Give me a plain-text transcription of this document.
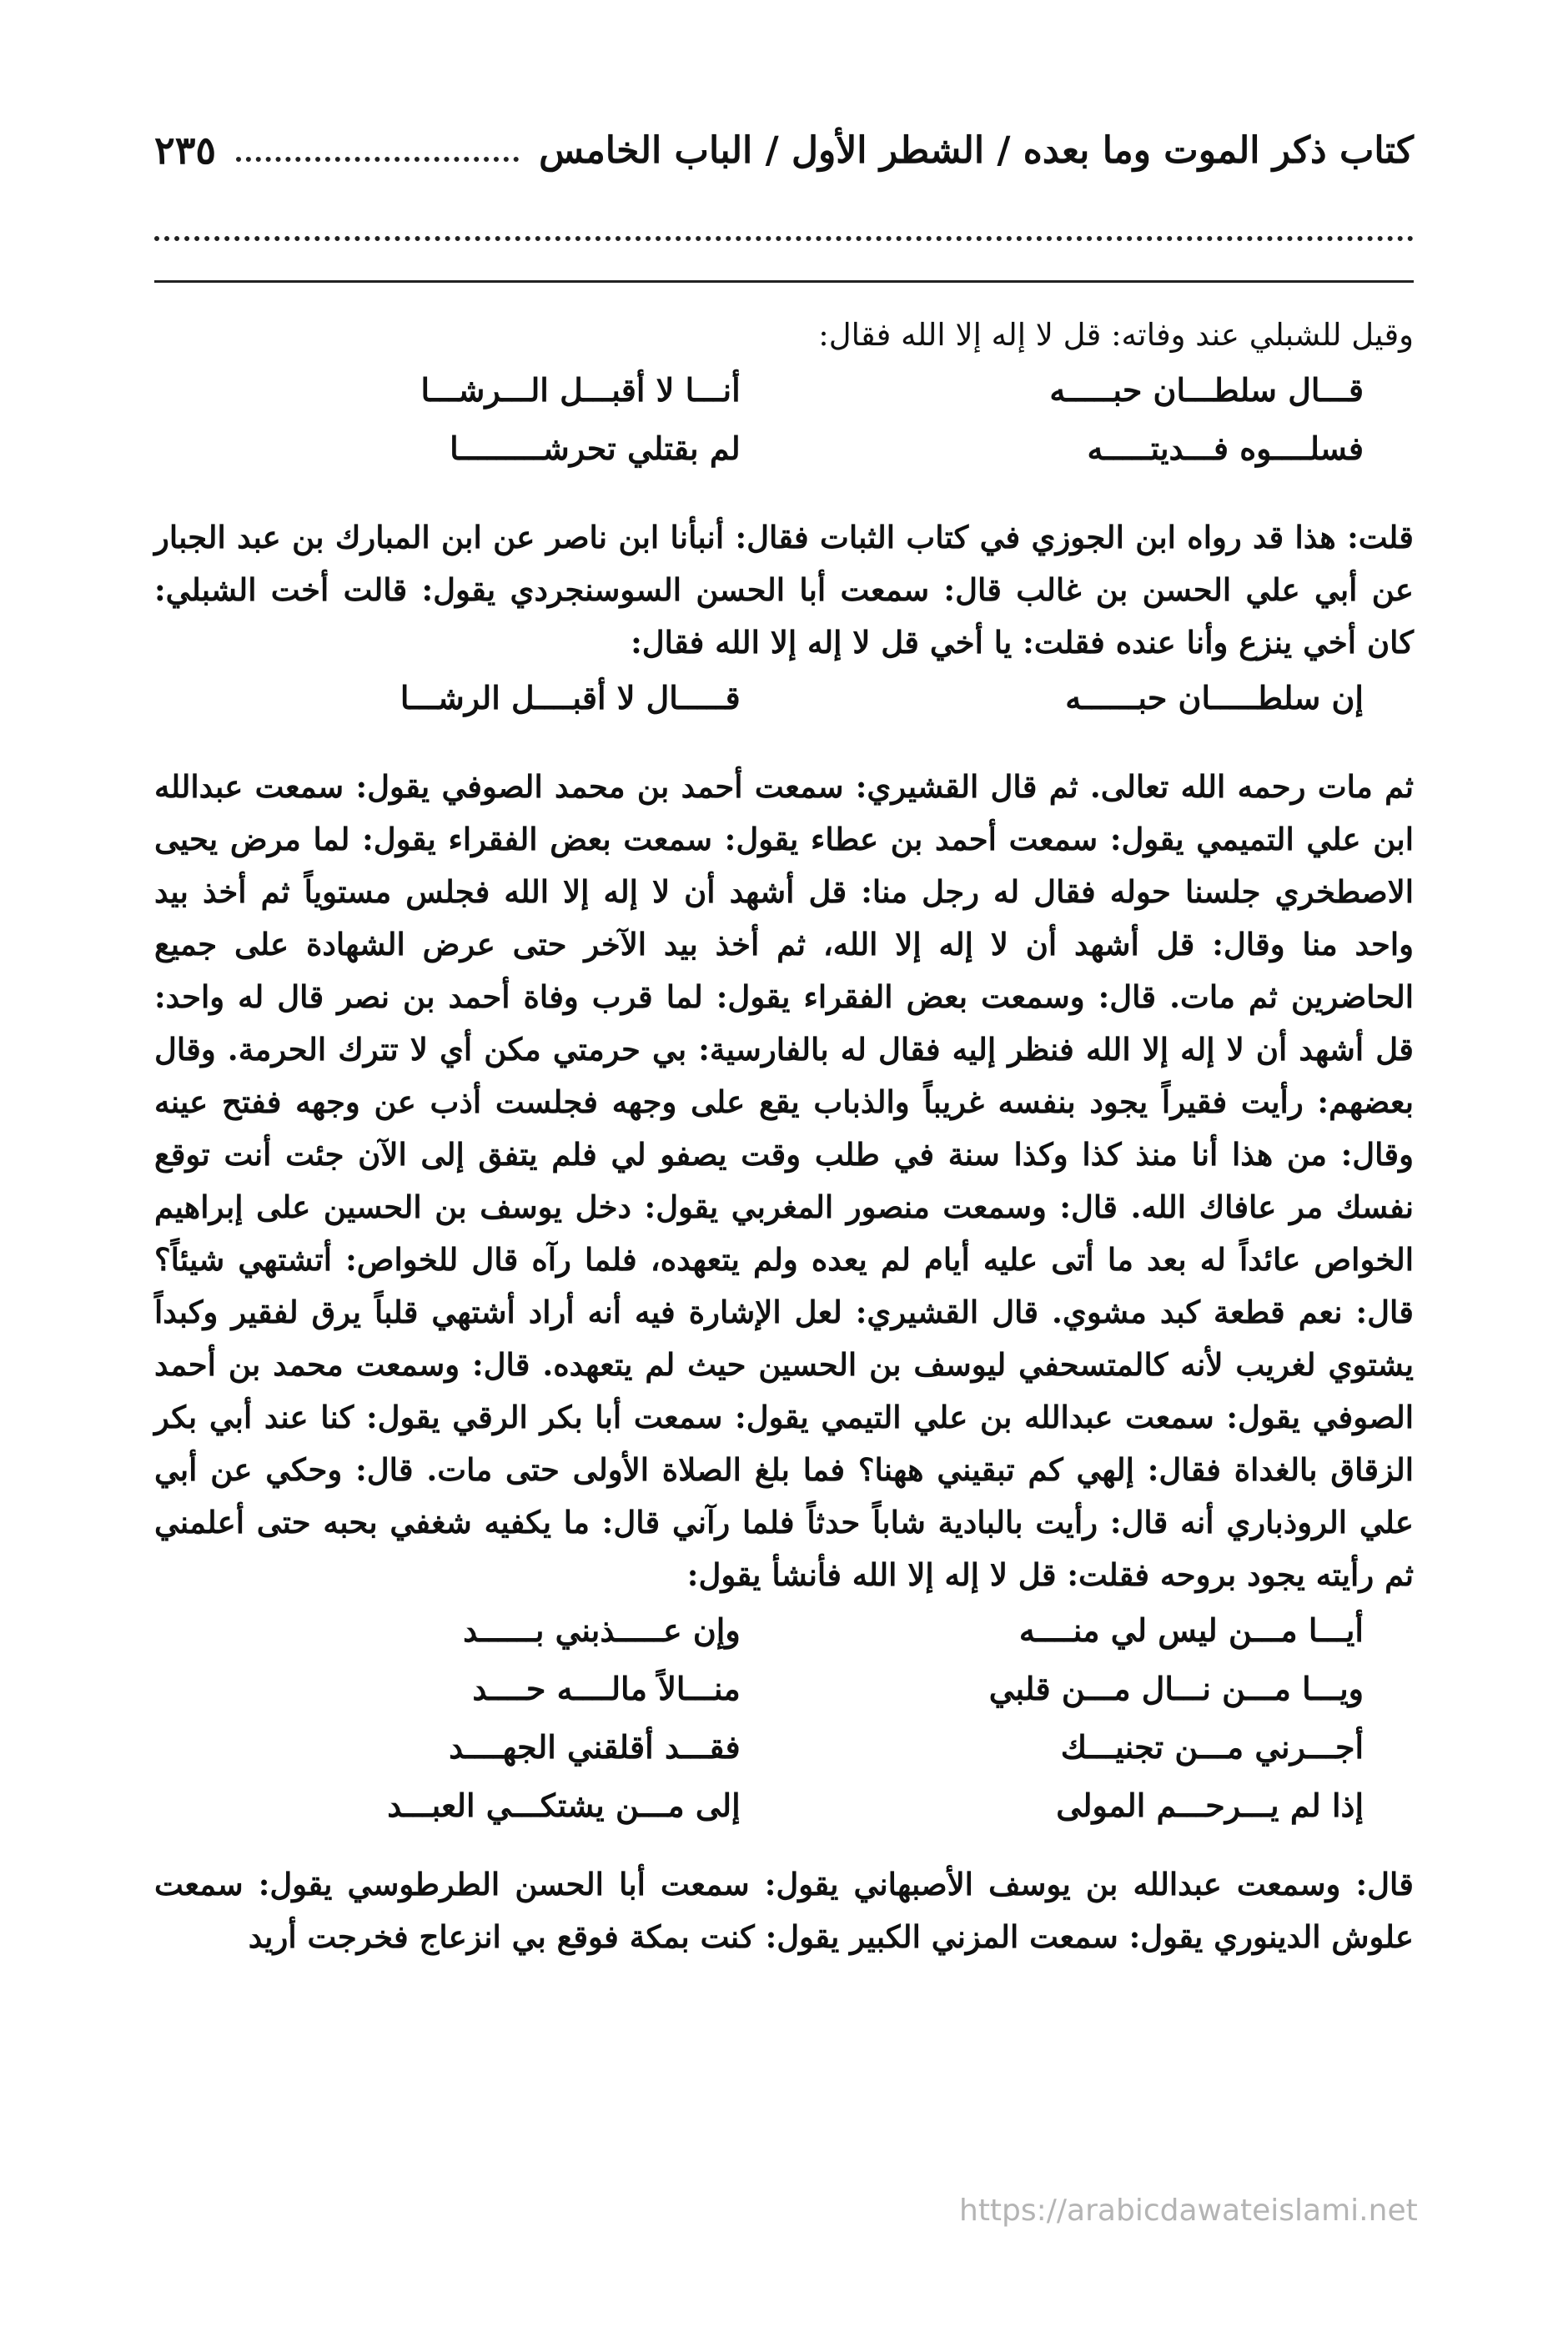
كتاب ذكر الموت وما بعده / الشطر الأول / الباب الخامس
٢٣٥

وقيل للشبلي عند وفاته: قل لا إله إلا الله فقال:

قـــال سلطـــان حبـــــه
أنـــا لا أقبـــل الـــرشـــا
فسلــــوه فـــديتـــــه
لم بقتلي تحرشـــــــــا

قلت: هذا قد رواه ابن الجوزي في كتاب الثبات فقال: أنبأنا ابن ناصر عن ابن المبارك بن عبد الجبار عن أبي علي الحسن بن غالب قال: سمعت أبا الحسن السوسنجردي يقول: قالت أخت الشبلي: كان أخي ينزع وأنا عنده فقلت: يا أخي قل لا إله إلا الله فقال:

إن سلطـــــان حبــــــه
قـــــال لا أقبــــل الرشـــا

ثم مات رحمه الله تعالى. ثم قال القشيري: سمعت أحمد بن محمد الصوفي يقول: سمعت عبدالله ابن علي التميمي يقول: سمعت أحمد بن عطاء يقول: سمعت بعض الفقراء يقول: لما مرض يحيى الاصطخري جلسنا حوله فقال له رجل منا: قل أشهد أن لا إله إلا الله فجلس مستوياً ثم أخذ بيد واحد منا وقال: قل أشهد أن لا إله إلا الله، ثم أخذ بيد الآخر حتى عرض الشهادة على جميع الحاضرين ثم مات. قال: وسمعت بعض الفقراء يقول: لما قرب وفاة أحمد بن نصر قال له واحد: قل أشهد أن لا إله إلا الله فنظر إليه فقال له بالفارسية: بي حرمتي مكن أي لا تترك الحرمة. وقال بعضهم: رأيت فقيراً يجود بنفسه غريباً والذباب يقع على وجهه فجلست أذب عن وجهه ففتح عينه وقال: من هذا أنا منذ كذا وكذا سنة في طلب وقت يصفو لي فلم يتفق إلى الآن جئت أنت توقع نفسك مر عافاك الله. قال: وسمعت منصور المغربي يقول: دخل يوسف بن الحسين على إبراهيم الخواص عائداً له بعد ما أتى عليه أيام لم يعده ولم يتعهده، فلما رآه قال للخواص: أتشتهي شيئاً؟ قال: نعم قطعة كبد مشوي. قال القشيري: لعل الإشارة فيه أنه أراد أشتهي قلباً يرق لفقير وكبداً يشتوي لغريب لأنه كالمتسحفي ليوسف بن الحسين حيث لم يتعهده. قال: وسمعت محمد بن أحمد الصوفي يقول: سمعت عبدالله بن علي التيمي يقول: سمعت أبا بكر الرقي يقول: كنا عند أبي بكر الزقاق بالغداة فقال: إلهي كم تبقيني ههنا؟ فما بلغ الصلاة الأولى حتى مات. قال: وحكي عن أبي علي الروذباري أنه قال: رأيت بالبادية شاباً حدثاً فلما رآني قال: ما يكفيه شغفي بحبه حتى أعلمني ثم رأيته يجود بروحه فقلت: قل لا إله إلا الله فأنشأ يقول:

أيـــا مـــن ليس لي منــــه
وإن عـــــذبني بــــــد
ويـــا مـــن نـــال مـــن قلبي
منـــالاً مالــــه حــــد
أجـــرني مـــن تجنيـــك
فقـــد أقلقني الجهــــد
إذا لم يـــرحـــم المولى
إلى مـــن يشتكـــي العبـــد

قال: وسمعت عبدالله بن يوسف الأصبهاني يقول: سمعت أبا الحسن الطرطوسي يقول: سمعت علوش الدينوري يقول: سمعت المزني الكبير يقول: كنت بمكة فوقع بي انزعاج فخرجت أريد

https://arabicdawateislami.net
